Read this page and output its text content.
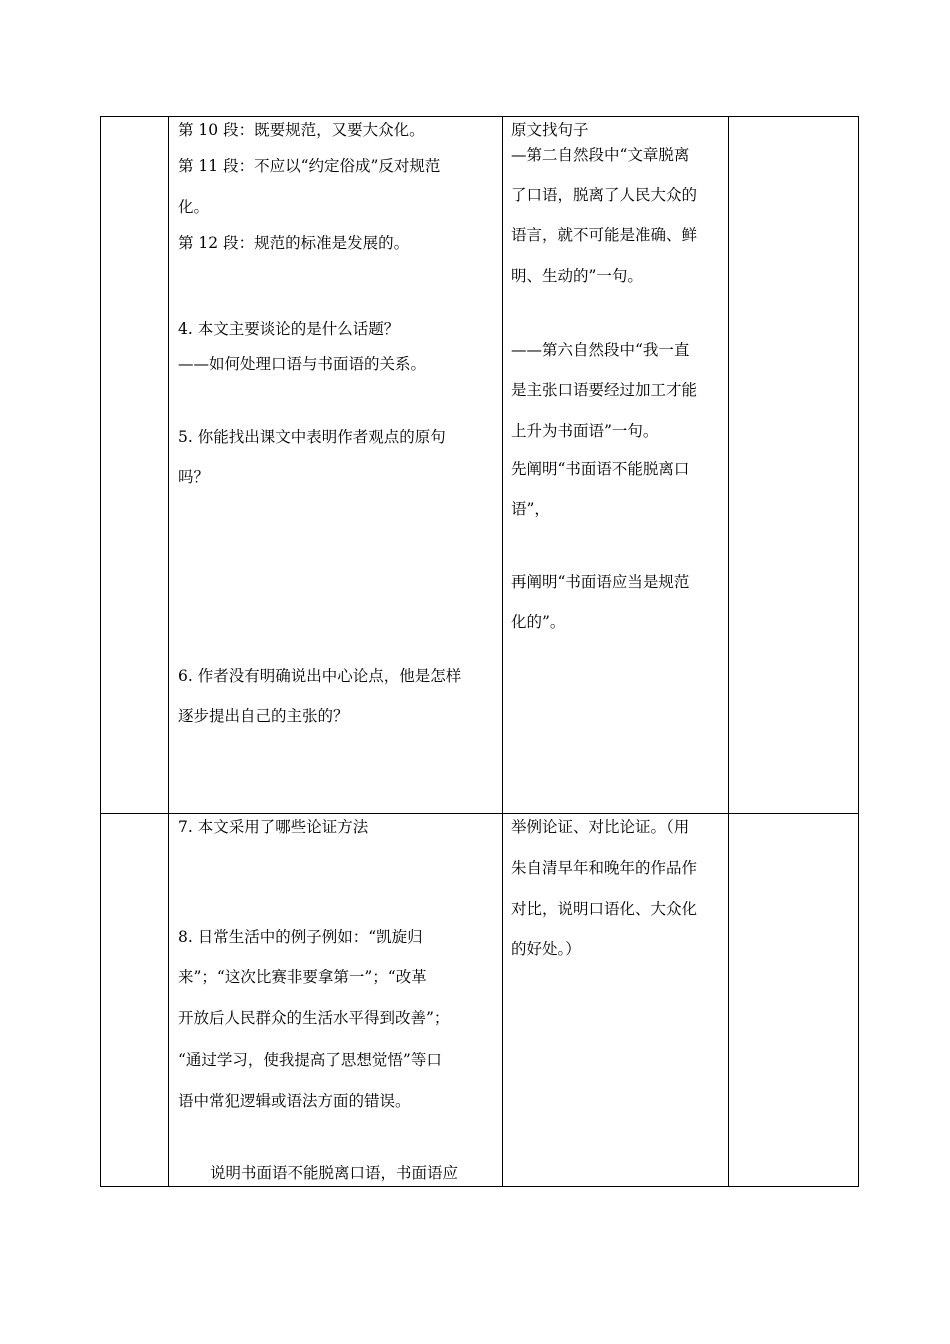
第 10 段：既要规范，又要大众化。
第 11 段：不应以“约定俗成”反对规范
化。
第 12 段：规范的标准是发展的。
4. 本文主要谈论的是什么话题？
——如何处理口语与书面语的关系。
5. 你能找出课文中表明作者观点的原句
吗？
6. 作者没有明确说出中心论点，他是怎样
逐步提出自己的主张的？
原文找句子
—第二自然段中“文章脱离
了口语，脱离了人民大众的
语言，就不可能是准确、鲜
明、生动的”一句。
——第六自然段中“我一直
是主张口语要经过加工才能
上升为书面语”一句。
先阐明“书面语不能脱离口
语”，
再阐明“书面语应当是规范
化的”。
7. 本文采用了哪些论证方法
8. 日常生活中的例子例如：“凯旋归
来”；“这次比赛非要拿第一”；“改革
开放后人民群众的生活水平得到改善”；
“通过学习，使我提高了思想觉悟”等口
语中常犯逻辑或语法方面的错误。
说明书面语不能脱离口语，书面语应
举例论证、对比论证。（用
朱自清早年和晚年的作品作
对比，说明口语化、大众化
的好处。）
